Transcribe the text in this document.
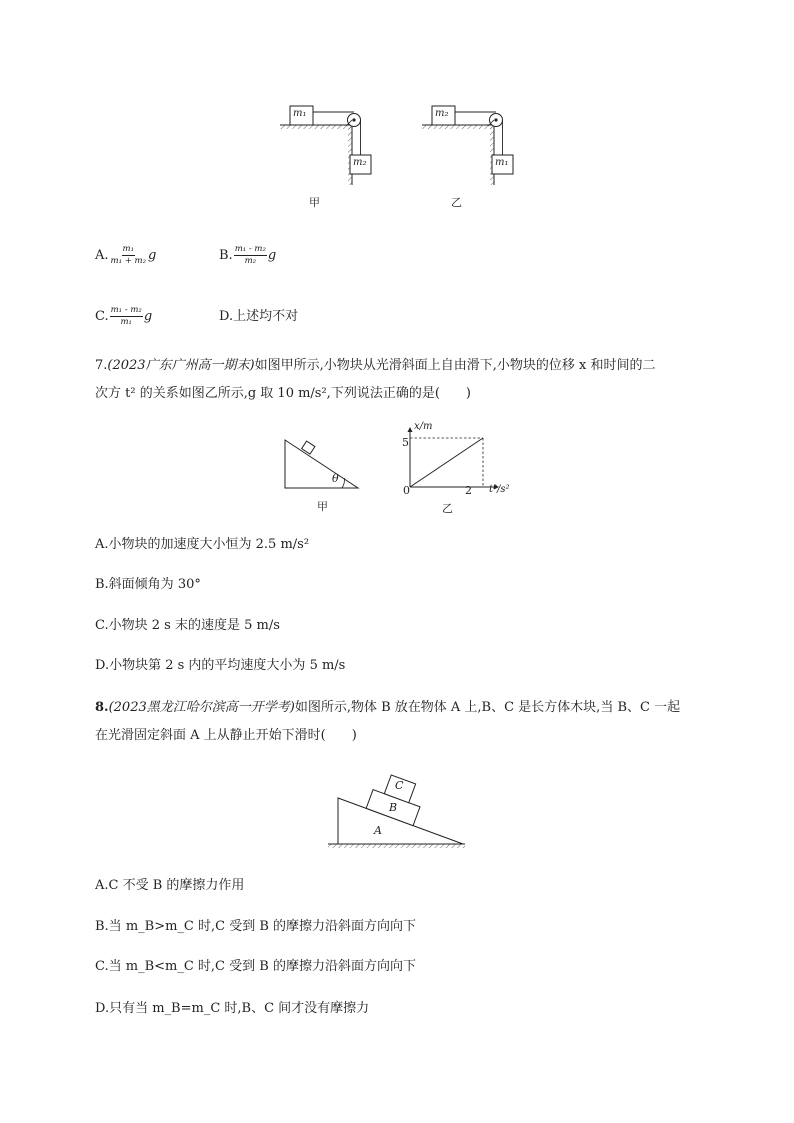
m₁
m₂
m₂
m₁
甲	乙
A. $\frac{\text{m₁}}{\text{m₁ + m₂}}$ g	B. $\frac{\text{m₁ - m₂}}{\text{m₂}}$ g
C. $\frac{\text{m₁ - m₂}}{\text{m₁}}$ g	D.上述均不对
7.(2023广东广州高一期末)如图甲所示,小物块从光滑斜面上自由滑下,小物块的位移 x 和时间的二
次方 t² 的关系如图乙所示,g 取 10 m/s²,下列说法正确的是(　　)
θ
甲
x/m
5
0	2 t²/s²
乙
A.小物块的加速度大小恒为 2.5 m/s²
B.斜面倾角为 30°
C.小物块 2 s 末的速度是 5 m/s
D.小物块第 2 s 内的平均速度大小为 5 m/s
8.(2023黑龙江哈尔滨高一开学考)如图所示,物体 B 放在物体 A 上,B、C 是长方体木块,当 B、C 一起
在光滑固定斜面 A 上从静止开始下滑时(　　)
C
B
A
A.C 不受 B 的摩擦力作用
B.当 m_B>m_C 时,C 受到 B 的摩擦力沿斜面方向向下
C.当 m_B<m_C 时,C 受到 B 的摩擦力沿斜面方向向下
D.只有当 m_B=m_C 时,B、C 间才没有摩擦力
